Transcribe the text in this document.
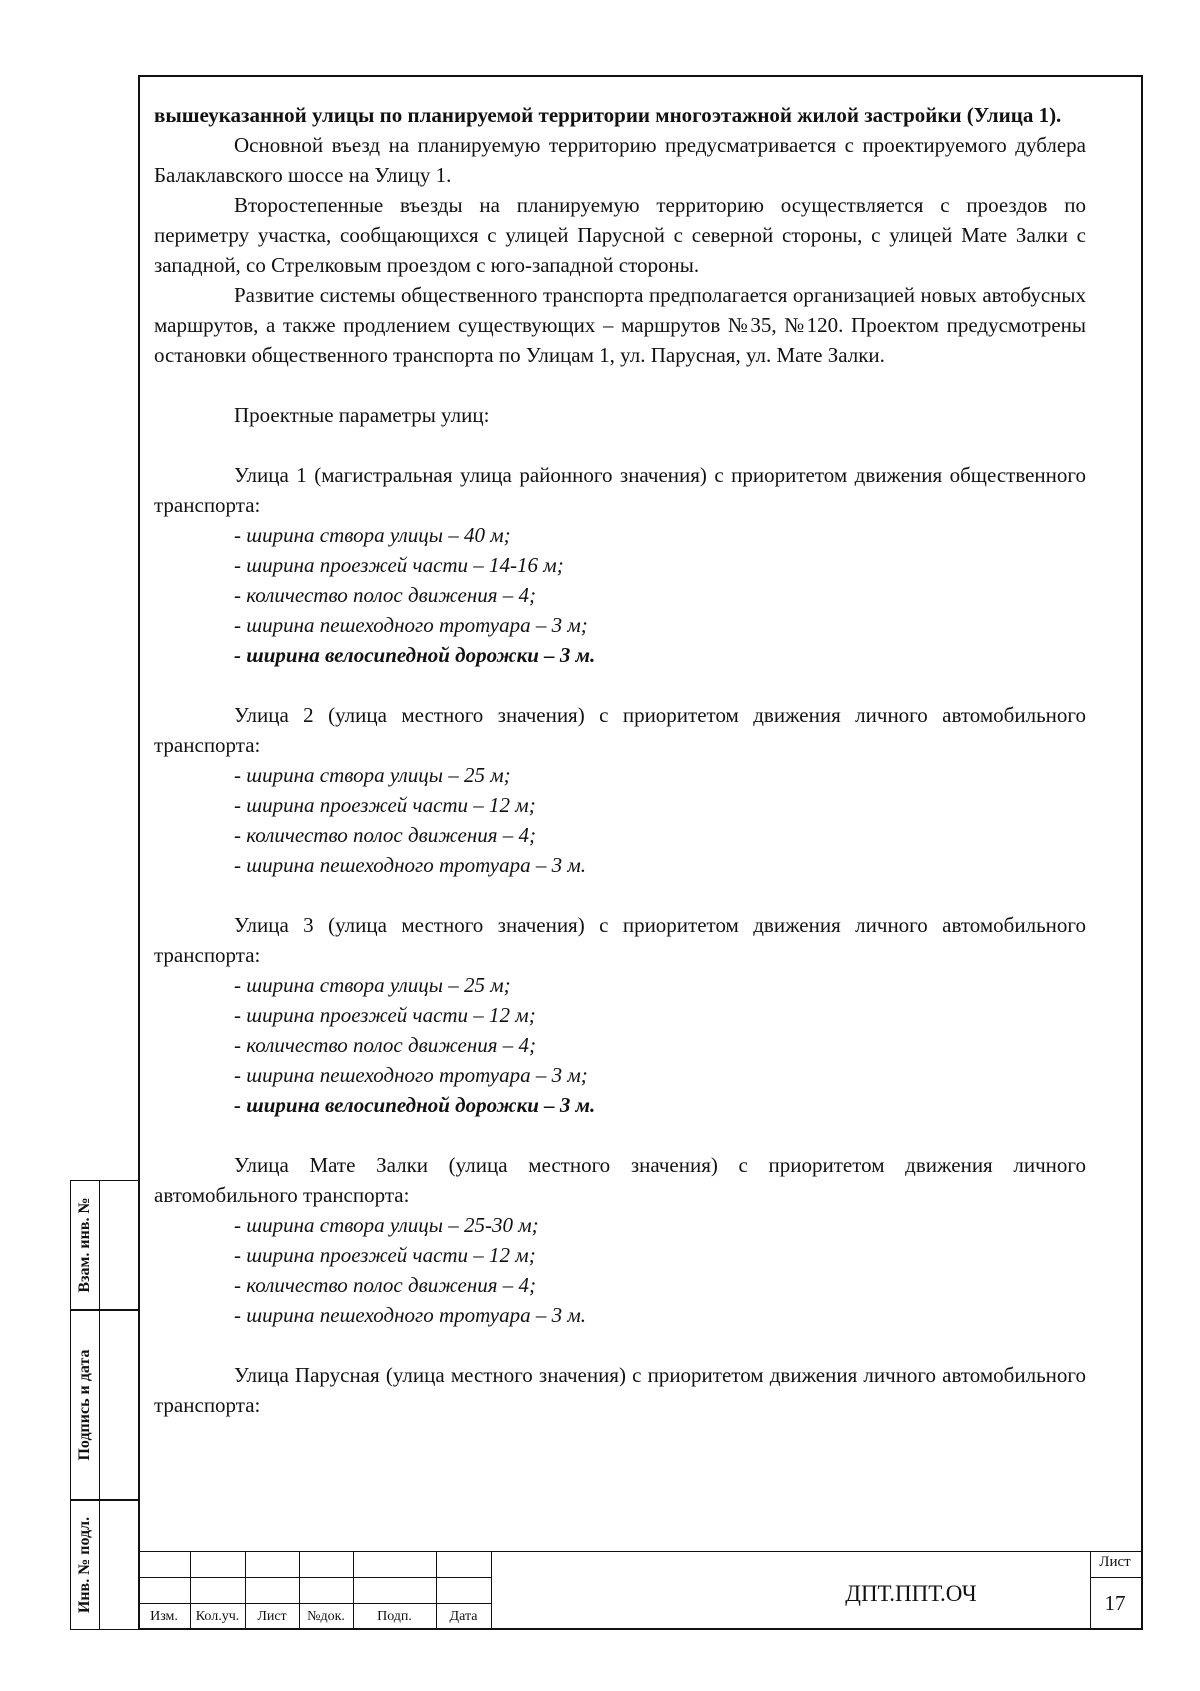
вышеуказанной улицы по планируемой территории многоэтажной жилой застройки (Улица 1).

Основной въезд на планируемую территорию предусматривается с проектируемого дублера Балаклавского шоссе на Улицу 1.

Второстепенные въезды на планируемую территорию осуществляется с проездов по периметру участка, сообщающихся с улицей Парусной с северной стороны, с улицей Мате Залки с западной, со Стрелковым проездом с юго-западной стороны.

Развитие системы общественного транспорта предполагается организацией новых автобусных маршрутов, а также продлением существующих – маршрутов №35, №120. Проектом предусмотрены остановки общественного транспорта по Улицам 1, ул. Парусная, ул. Мате Залки.

Проектные параметры улиц:

Улица 1 (магистральная улица районного значения) с приоритетом движения общественного транспорта:

- ширина створа улицы – 40 м;

- ширина проезжей части – 14-16 м;

- количество полос движения – 4;

- ширина пешеходного тротуара – 3 м;

- ширина велосипедной дорожки – 3 м.

Улица 2 (улица местного значения) с приоритетом движения личного автомобильного транспорта:

- ширина створа улицы – 25 м;

- ширина проезжей части – 12 м;

- количество полос движения – 4;

- ширина пешеходного тротуара – 3 м.

Улица 3 (улица местного значения) с приоритетом движения личного автомобильного транспорта:

- ширина створа улицы – 25 м;

- ширина проезжей части – 12 м;

- количество полос движения – 4;

- ширина пешеходного тротуара – 3 м;

- ширина велосипедной дорожки – 3 м.

Улица Мате Залки (улица местного значения) с приоритетом движения личного автомобильного транспорта:

- ширина створа улицы – 25-30 м;

- ширина проезжей части – 12 м;

- количество полос движения – 4;

- ширина пешеходного тротуара – 3 м.

Улица Парусная (улица местного значения) с приоритетом движения личного автомобильного транспорта:

Взам. инв. №
Подпись и дата
Инв. № подл.
Изм.	Кол.уч.	Лист	№док.	Подп.	Дата
ДПТ.ППТ.ОЧ
Лист
17
